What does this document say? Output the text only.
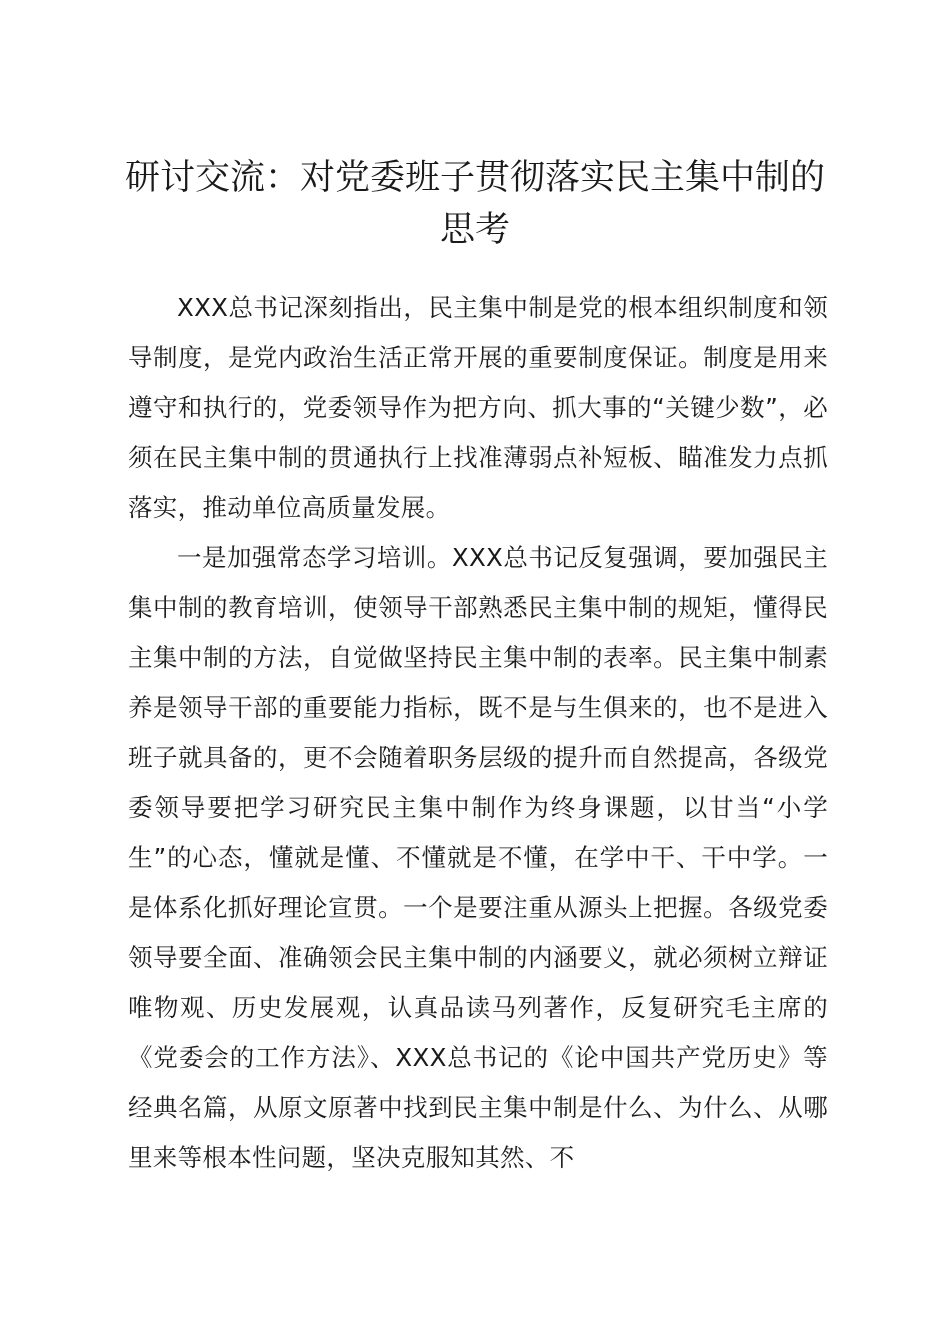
研讨交流：对党委班子贯彻落实民主集中制的思考

XXX总书记深刻指出，民主集中制是党的根本组织制度和领导制度，是党内政治生活正常开展的重要制度保证。制度是用来遵守和执行的，党委领导作为把方向、抓大事的“关键少数”，必须在民主集中制的贯通执行上找准薄弱点补短板、瞄准发力点抓落实，推动单位高质量发展。

一是加强常态学习培训。XXX总书记反复强调，要加强民主集中制的教育培训，使领导干部熟悉民主集中制的规矩，懂得民主集中制的方法，自觉做坚持民主集中制的表率。民主集中制素养是领导干部的重要能力指标，既不是与生俱来的，也不是进入班子就具备的，更不会随着职务层级的提升而自然提高，各级党委领导要把学习研究民主集中制作为终身课题，以甘当“小学生”的心态，懂就是懂、不懂就是不懂，在学中干、干中学。一是体系化抓好理论宣贯。一个是要注重从源头上把握。各级党委领导要全面、准确领会民主集中制的内涵要义，就必须树立辩证唯物观、历史发展观，认真品读马列著作，反复研究毛主席的《党委会的工作方法》、XXX总书记的《论中国共产党历史》等经典名篇，从原文原著中找到民主集中制是什么、为什么、从哪里来等根本性问题，坚决克服知其然、不
